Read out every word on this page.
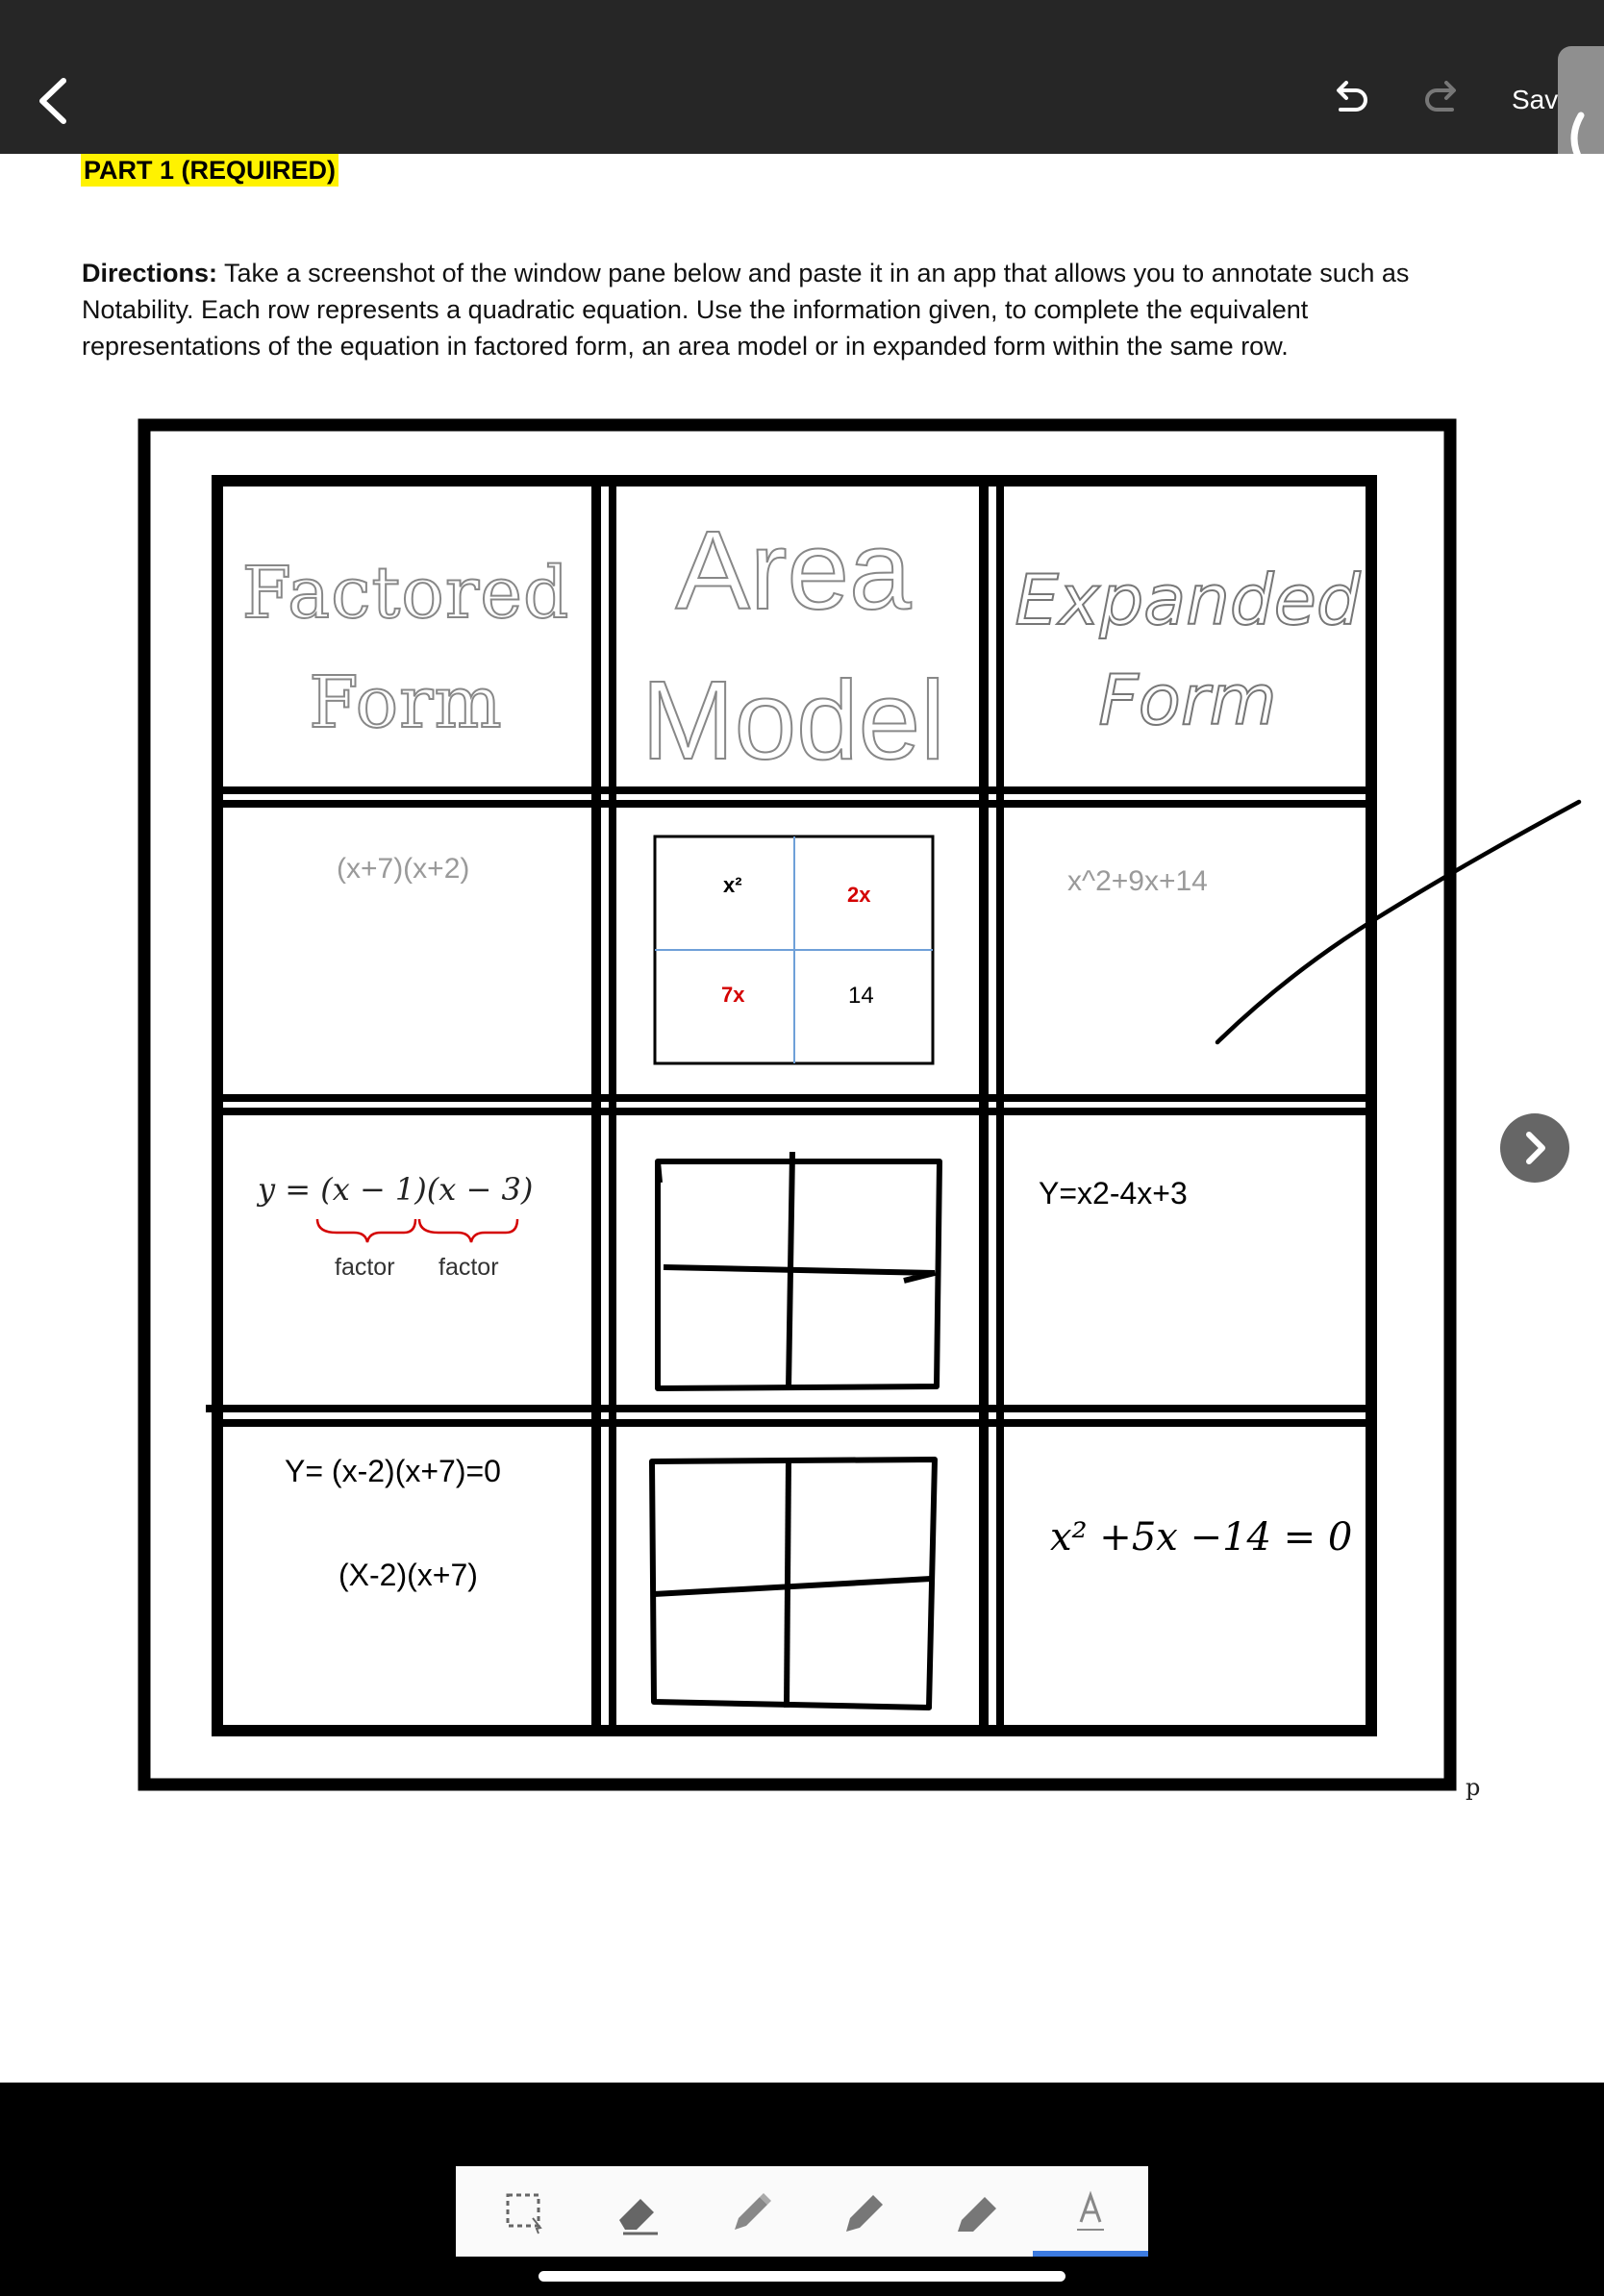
Sav
PART 1 (REQUIRED)
Directions: Take a screenshot of the window pane below and paste it in an app that allows you to annotate such as Notability. Each row represents a quadratic equation. Use the information given, to complete the equivalent representations of the equation in factored form, an area model or in expanded form within the same row.
Factored
Form
Area
Model
Expanded
Form
(x+7)(x+2)
x²	2x
7x	14
x^2+9x+14
y = (x − 1)(x − 3)
factor factor
Y=x2-4x+3
Y= (x-2)(x+7)=0
(X-2)(x+7)
x² +5x −14 = 0
p
